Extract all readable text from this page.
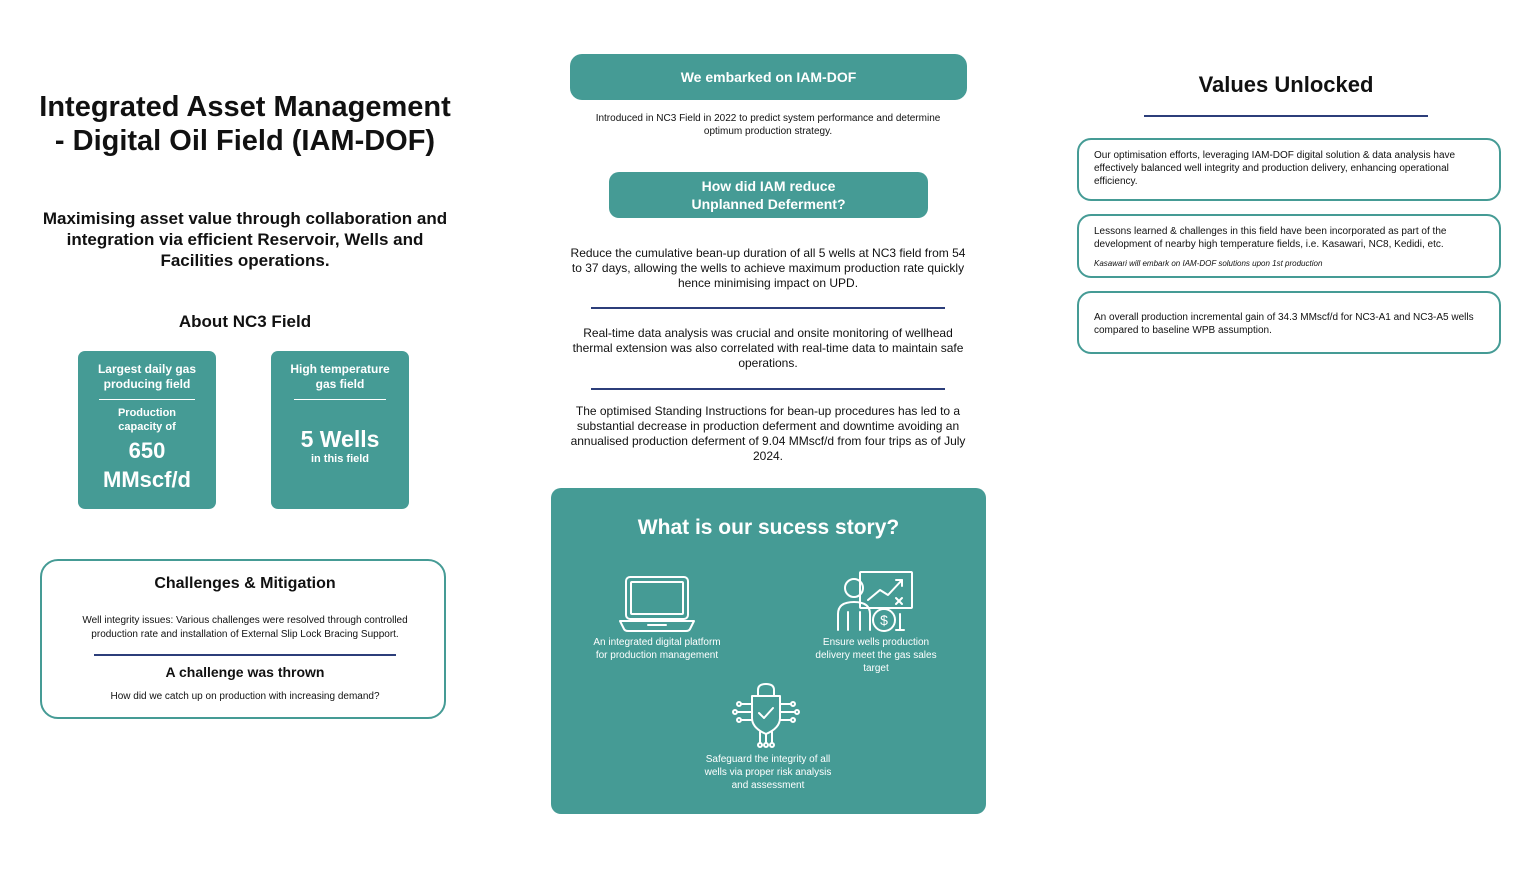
Integrated Asset Management
- Digital Oil Field (IAM-DOF)
Maximising asset value through collaboration and integration via efficient Reservoir, Wells and Facilities operations.
About NC3 Field
Largest daily gas producing field
Production capacity of
650
MMscf/d
High temperature gas field
5 Wells
in this field
Challenges & Mitigation
Well integrity issues: Various challenges were resolved through controlled production rate and installation of External Slip Lock Bracing Support.
A challenge was thrown
How did we catch up on production with increasing demand?
We embarked on IAM-DOF
Introduced in NC3 Field in 2022 to predict system performance and determine optimum production strategy.
How did IAM reduce
Unplanned Deferment?
Reduce the cumulative bean-up duration of all 5 wells at NC3 field from 54 to 37 days, allowing the wells to achieve maximum production rate quickly hence minimising impact on UPD.
Real-time data analysis was crucial and onsite monitoring of wellhead thermal extension was also correlated with real-time data to maintain safe operations.
The optimised Standing Instructions for bean-up procedures has led to a substantial decrease in production deferment and downtime avoiding an annualised production deferment of 9.04 MMscf/d from four trips as of July 2024.
What is our sucess story?
An integrated digital platform for production management
$
Ensure wells production delivery meet the gas sales target
Safeguard the integrity of all wells via proper risk analysis and assessment
Values Unlocked
Our optimisation efforts, leveraging IAM-DOF digital solution & data analysis have effectively balanced well integrity and production delivery, enhancing operational efficiency.
Lessons learned & challenges in this field have been incorporated as part of the development of nearby high temperature fields, i.e. Kasawari, NC8, Kedidi, etc.
Kasawari will embark on IAM-DOF solutions upon 1st production
An overall production incremental gain of 34.3 MMscf/d for NC3-A1 and NC3-A5 wells compared to baseline WPB assumption.
